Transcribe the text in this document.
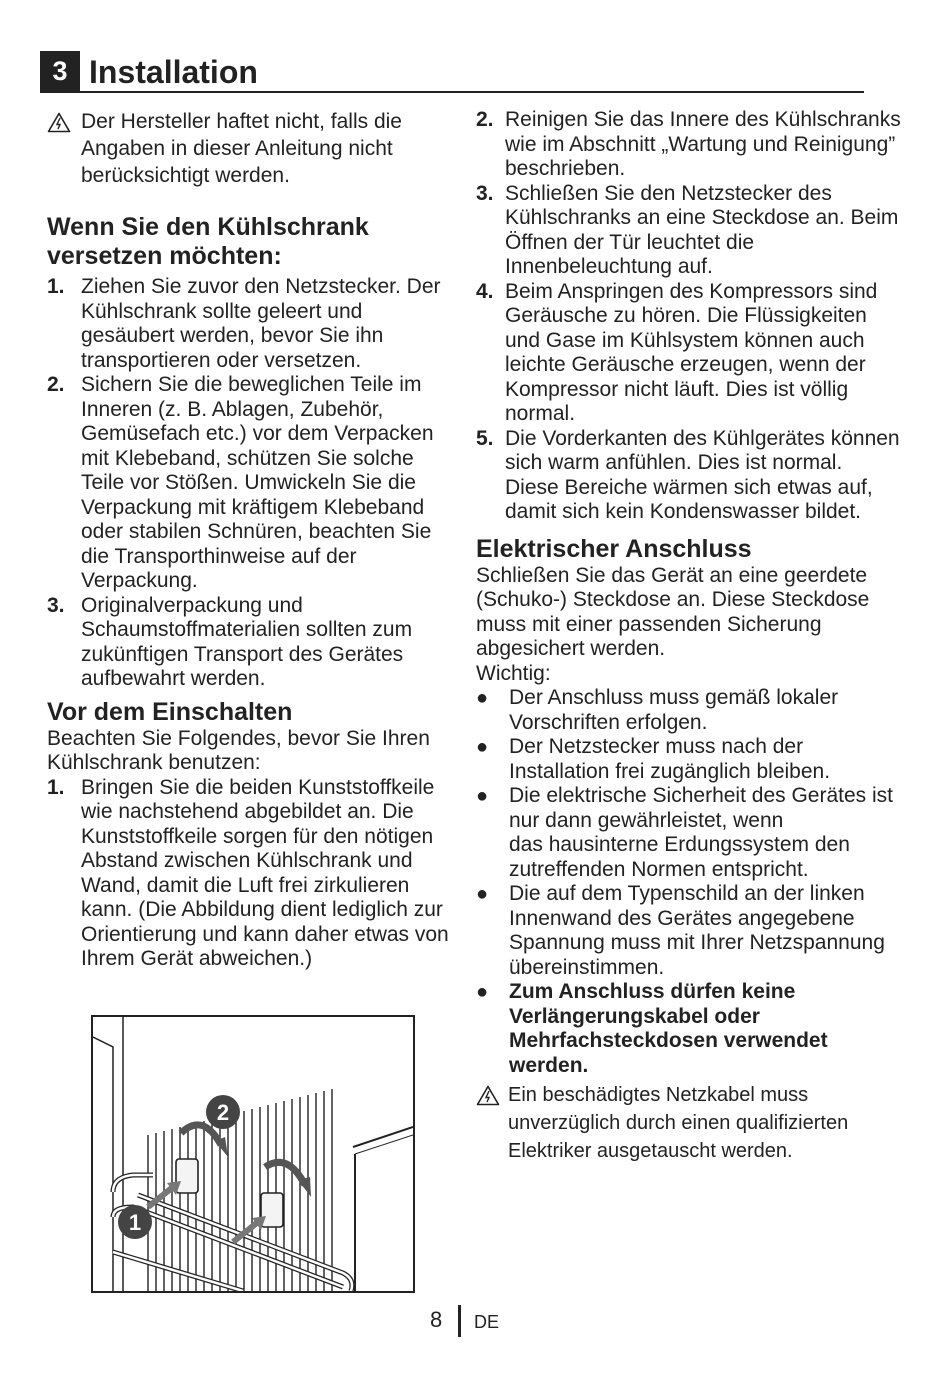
3 Installation
Der Hersteller haftet nicht, falls die Angaben in dieser Anleitung nicht berücksichtigt werden.
Wenn Sie den Kühlschrank versetzen möchten:
1. Ziehen Sie zuvor den Netzstecker. Der Kühlschrank sollte geleert und gesäubert werden, bevor Sie ihn transportieren oder versetzen.
2. Sichern Sie die beweglichen Teile im Inneren (z. B. Ablagen, Zubehör, Gemüsefach etc.) vor dem Verpacken mit Klebeband, schützen Sie solche Teile vor Stößen. Umwickeln Sie die Verpackung mit kräftigem Klebeband oder stabilen Schnüren, beachten Sie die Transporthinweise auf der Verpackung.
3. Originalverpackung und Schaumstoffmaterialien sollten zum zukünftigen Transport des Gerätes aufbewahrt werden.
Vor dem Einschalten

Beachten Sie Folgendes, bevor Sie Ihren Kühlschrank benutzen:

1. Bringen Sie die beiden Kunststoffkeile wie nachstehend abgebildet an. Die Kunststoffkeile sorgen für den nötigen Abstand zwischen Kühlschrank und Wand, damit die Luft frei zirkulieren kann. (Die Abbildung dient lediglich zur Orientierung und kann daher etwas von Ihrem Gerät abweichen.)
2
1
2. Reinigen Sie das Innere des Kühlschranks wie im Abschnitt „Wartung und Reinigung” beschrieben.
3. Schließen Sie den Netzstecker des Kühlschranks an eine Steckdose an. Beim Öffnen der Tür leuchtet die Innenbeleuchtung auf.
4. Beim Anspringen des Kompressors sind Geräusche zu hören. Die Flüssigkeiten und Gase im Kühlsystem können auch leichte Geräusche erzeugen, wenn der Kompressor nicht läuft. Dies ist völlig normal.
5. Die Vorderkanten des Kühlgerätes können sich warm anfühlen. Dies ist normal. Diese Bereiche wärmen sich etwas auf, damit sich kein Kondenswasser bildet.
Elektrischer Anschluss

Schließen Sie das Gerät an eine geerdete (Schuko-) Steckdose an. Diese Steckdose muss mit einer passenden Sicherung abgesichert werden.

Wichtig:

● Der Anschluss muss gemäß lokaler Vorschriften erfolgen.
● Der Netzstecker muss nach der Installation frei zugänglich bleiben.
● Die elektrische Sicherheit des Gerätes ist nur dann gewährleistet, wenn
das hausinterne Erdungssystem den zutreffenden Normen entspricht.
● Die auf dem Typenschild an der linken Innenwand des Gerätes angegebene Spannung muss mit Ihrer Netzspannung übereinstimmen.
● Zum Anschluss dürfen keine Verlängerungskabel oder Mehrfachsteckdosen verwendet werden.
Ein beschädigtes Netzkabel muss unverzüglich durch einen qualifizierten Elektriker ausgetauscht werden.
8 DE
